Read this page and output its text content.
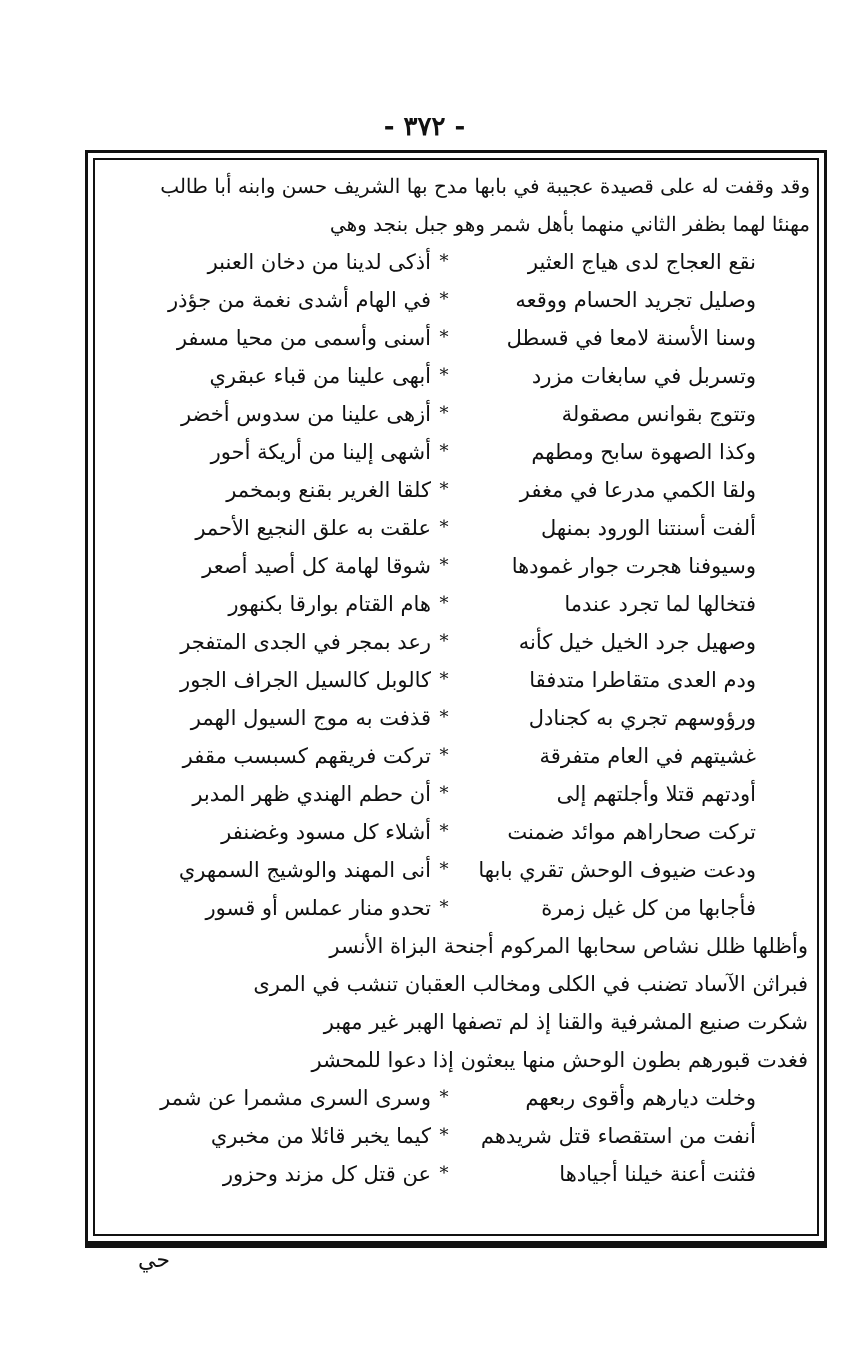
- ٣٧٢ -
وقد وقفت له على قصيدة عجيبة في بابها مدح بها الشريف حسن وابنه أبا طالب
مهنئا لهما بظفر الثاني منهما بأهل شمر وهو جبل بنجد وهي
نقع العجاج لدى هياج العثير
*
أذكى لدينا من دخان العنبر
وصليل تجريد الحسام ووقعه
*
في الهام أشدى نغمة من جؤذر
وسنا الأسنة لامعا في قسطل
*
أسنى وأسمى من محيا مسفر
وتسربل في سابغات مزرد
*
أبهى علينا من قباء عبقري
وتتوج بقوانس مصقولة
*
أزهى علينا من سدوس أخضر
وكذا الصهوة سابح ومطهم
*
أشهى إلينا من أريكة أحور
ولقا الكمي مدرعا في مغفر
*
كلقا الغرير بقنع وبمخمر
ألفت أسنتنا الورود بمنهل
*
علقت به علق النجيع الأحمر
وسيوفنا هجرت جوار غمودها
*
شوقا لهامة كل أصيد أصعر
فتخالها لما تجرد عندما
*
هام القتام بوارقا بكنهور
وصهيل جرد الخيل خيل كأنه
*
رعد بمجر في الجدى المتفجر
ودم العدى متقاطرا متدفقا
*
كالوبل كالسيل الجراف الجور
ورؤوسهم تجري به كجنادل
*
قذفت به موج السيول الهمر
غشيتهم في العام متفرقة
*
تركت فريقهم كسبسب مقفر
أودتهم قتلا وأجلتهم إلى
*
أن حطم الهندي ظهر المدبر
تركت صحاراهم موائد ضمنت
*
أشلاء كل مسود وغضنفر
ودعت ضيوف الوحش تقري بابها
*
أنى المهند والوشيج السمهري
فأجابها من كل غيل زمرة
*
تحدو منار عملس أو قسور
وأظلها ظلل نشاص سحابها المركوم أجنحة البزاة الأنسر
فبراثن الآساد تضنب في الكلى ومخالب العقبان تنشب في المرى
شكرت صنيع المشرفية والقنا إذ لم تصفها الهبر غير مهبر
فغدت قبورهم بطون الوحش منها يبعثون إذا دعوا للمحشر
وخلت ديارهم وأقوى ربعهم
*
وسرى السرى مشمرا عن شمر
أنفت من استقصاء قتل شريدهم
*
كيما يخبر قائلا من مخبري
فثنت أعنة خيلنا أجيادها
*
عن قتل كل مزند وحزور
حي
